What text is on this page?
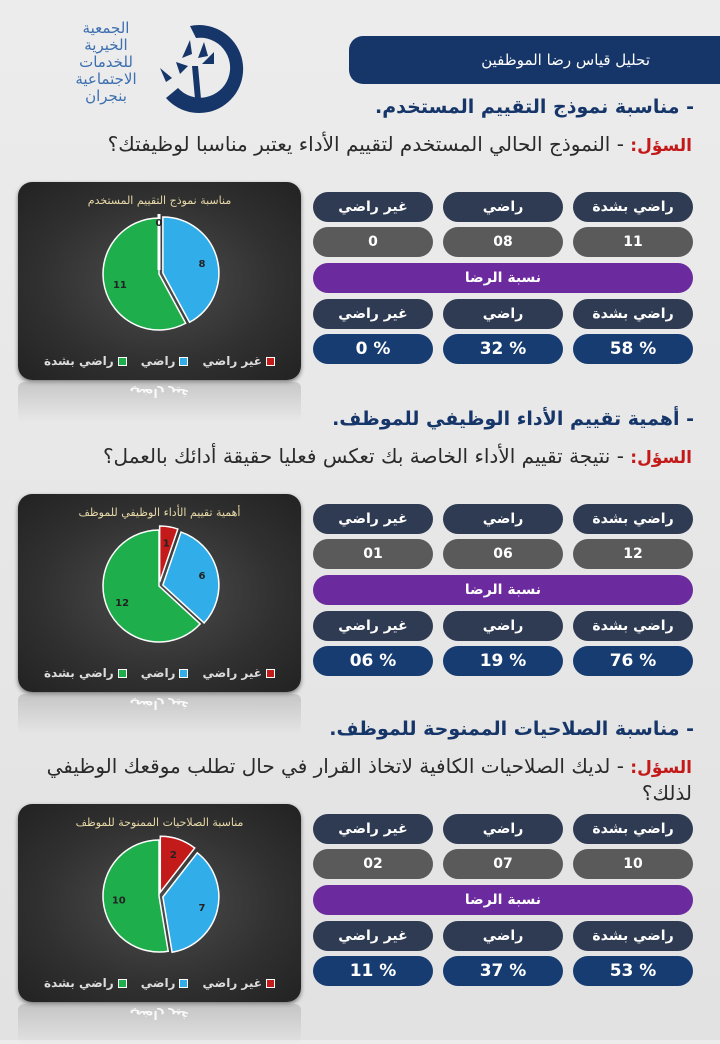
الجمعية
الخيرية
للخدمات
الاجتماعية
بنجران
تحليل قياس رضا الموظفين
- مناسبة نموذج التقييم المستخدم.
السؤل: - النموذج الحالي المستخدم لتقييم الأداء يعتبر مناسبا لوظيفتك؟
مناسبة نموذج التقييم المستخدم
11
8
0
غير راضي
راضي
راضي بشدة
غير راضي
راضي بشدة
11
راضي بشدة
58 %
راضي
08
راضي
32 %
غير راضي
0
غير راضي
0 %
نسبة الرضا
- أهمية تقييم الأداء الوظيفي للموظف.
السؤل: - نتيجة تقييم الأداء الخاصة بك تعكس فعليا حقيقة أدائك بالعمل؟
أهمية تقييم الأداء الوظيفي للموظف
12
6
1
غير راضي
راضي
راضي بشدة
غير راضي
راضي بشدة
12
راضي بشدة
76 %
راضي
06
راضي
19 %
غير راضي
01
غير راضي
06 %
نسبة الرضا
- مناسبة الصلاحيات الممنوحة للموظف.
السؤل: - لديك الصلاحيات الكافية لاتخاذ القرار في حال تطلب موقعك الوظيفي لذلك؟
مناسبة الصلاحيات الممنوحة للموظف
10
7
2
غير راضي
راضي
راضي بشدة
غير راضي
راضي بشدة
10
راضي بشدة
53 %
راضي
07
راضي
37 %
غير راضي
02
غير راضي
11 %
نسبة الرضا
